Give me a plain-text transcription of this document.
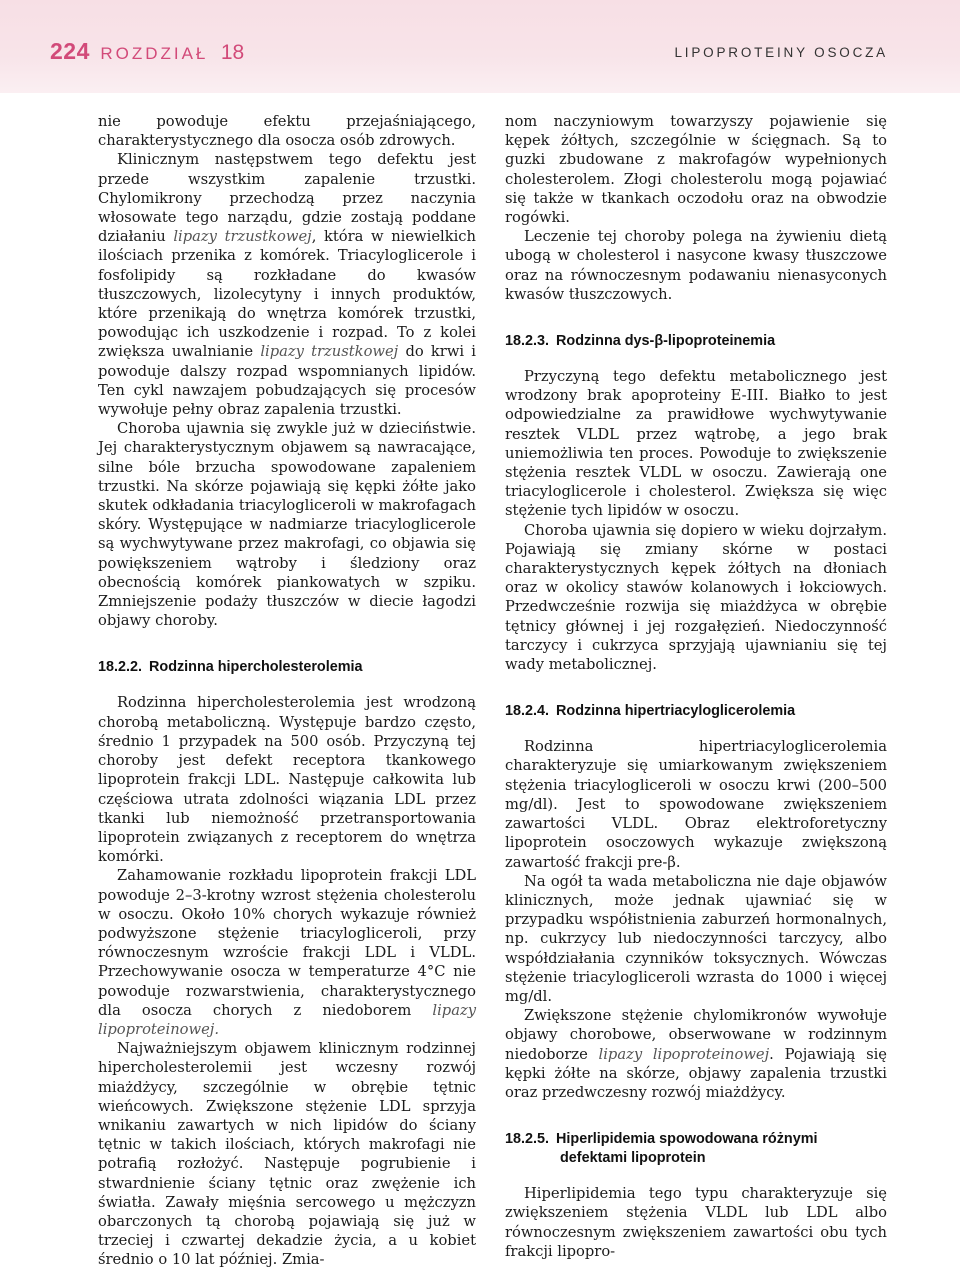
224 ROZDZIAŁ 18	LIPOPROTEINY OSOCZA

nie powoduje efektu przejaśniającego, charakterystycznego dla osocza osób zdrowych.

Klinicznym następstwem tego defektu jest przede wszystkim zapalenie trzustki. Chylomikrony przechodzą przez naczynia włosowate tego narządu, gdzie zostają poddane działaniu lipazy trzustkowej, która w niewielkich ilościach przenika z komórek. Triacyloglicerole i fosfolipidy są rozkładane do kwasów tłuszczowych, lizolecytyny i innych produktów, które przenikają do wnętrza komórek trzustki, powodując ich uszkodzenie i rozpad. To z kolei zwiększa uwalnianie lipazy trzustkowej do krwi i powoduje dalszy rozpad wspomnianych lipidów. Ten cykl nawzajem pobudzających się procesów wywołuje pełny obraz zapalenia trzustki.

Choroba ujawnia się zwykle już w dzieciństwie. Jej charakterystycznym objawem są nawracające, silne bóle brzucha spowodowane zapaleniem trzustki. Na skórze pojawiają się kępki żółte jako skutek odkładania triacylogliceroli w makrofagach skóry. Występujące w nadmiarze triacyloglicerole są wychwytywane przez makrofagi, co objawia się powiększeniem wątroby i śledziony oraz obecnością komórek piankowatych w szpiku. Zmniejszenie podaży tłuszczów w diecie łagodzi objawy choroby.

18.2.2. Rodzinna hipercholesterolemia

Rodzinna hipercholesterolemia jest wrodzoną chorobą metaboliczną. Występuje bardzo często, średnio 1 przypadek na 500 osób. Przyczyną tej choroby jest defekt receptora tkankowego lipoprotein frakcji LDL. Następuje całkowita lub częściowa utrata zdolności wiązania LDL przez tkanki lub niemożność przetransportowania lipoprotein związanych z receptorem do wnętrza komórki.

Zahamowanie rozkładu lipoprotein frakcji LDL powoduje 2–3-krotny wzrost stężenia cholesterolu w osoczu. Około 10% chorych wykazuje również podwyższone stężenie triacylogliceroli, przy równoczesnym wzroście frakcji LDL i VLDL. Przechowywanie osocza w temperaturze 4°C nie powoduje rozwarstwienia, charakterystycznego dla osocza chorych z niedoborem lipazy lipoproteinowej.

Najważniejszym objawem klinicznym rodzinnej hipercholesterolemii jest wczesny rozwój miażdżycy, szczególnie w obrębie tętnic wieńcowych. Zwiększone stężenie LDL sprzyja wnikaniu zawartych w nich lipidów do ściany tętnic w takich ilościach, których makrofagi nie potrafią rozłożyć. Następuje pogrubienie i stwardnienie ściany tętnic oraz zwężenie ich światła. Zawały mięśnia sercowego u mężczyzn obarczonych tą chorobą pojawiają się już w trzeciej i czwartej dekadzie życia, a u kobiet średnio o 10 lat później. Zmia-

nom naczyniowym towarzyszy pojawienie się kępek żółtych, szczególnie w ścięgnach. Są to guzki zbudowane z makrofagów wypełnionych cholesterolem. Złogi cholesterolu mogą pojawiać się także w tkankach oczodołu oraz na obwodzie rogówki.

Leczenie tej choroby polega na żywieniu dietą ubogą w cholesterol i nasycone kwasy tłuszczowe oraz na równoczesnym podawaniu nienasyconych kwasów tłuszczowych.

18.2.3. Rodzinna dys-β-lipoproteinemia

Przyczyną tego defektu metabolicznego jest wrodzony brak apoproteiny E-III. Białko to jest odpowiedzialne za prawidłowe wychwytywanie resztek VLDL przez wątrobę, a jego brak uniemożliwia ten proces. Powoduje to zwiększenie stężenia resztek VLDL w osoczu. Zawierają one triacyloglicerole i cholesterol. Zwiększa się więc stężenie tych lipidów w osoczu.

Choroba ujawnia się dopiero w wieku dojrzałym. Pojawiają się zmiany skórne w postaci charakterystycznych kępek żółtych na dłoniach oraz w okolicy stawów kolanowych i łokciowych. Przedwcześnie rozwija się miażdżyca w obrębie tętnicy głównej i jej rozgałęzień. Niedoczynność tarczycy i cukrzyca sprzyjają ujawnianiu się tej wady metabolicznej.

18.2.4. Rodzinna hipertriacyloglicerolemia

Rodzinna hipertriacyloglicerolemia charakteryzuje się umiarkowanym zwiększeniem stężenia triacylogliceroli w osoczu krwi (200–500 mg/dl). Jest to spowodowane zwiększeniem zawartości VLDL. Obraz elektroforetyczny lipoprotein osoczowych wykazuje zwiększoną zawartość frakcji pre-β.

Na ogół ta wada metaboliczna nie daje objawów klinicznych, może jednak ujawniać się w przypadku współistnienia zaburzeń hormonalnych, np. cukrzycy lub niedoczynności tarczycy, albo współdziałania czynników toksycznych. Wówczas stężenie triacylogliceroli wzrasta do 1000 i więcej mg/dl.

Zwiększone stężenie chylomikronów wywołuje objawy chorobowe, obserwowane w rodzinnym niedoborze lipazy lipoproteinowej. Pojawiają się kępki żółte na skórze, objawy zapalenia trzustki oraz przedwczesny rozwój miażdżycy.

18.2.5. Hiperlipidemia spowodowana różnymi defektami lipoprotein

Hiperlipidemia tego typu charakteryzuje się zwiększeniem stężenia VLDL lub LDL albo równoczesnym zwiększeniem zawartości obu tych frakcji lipopro-
